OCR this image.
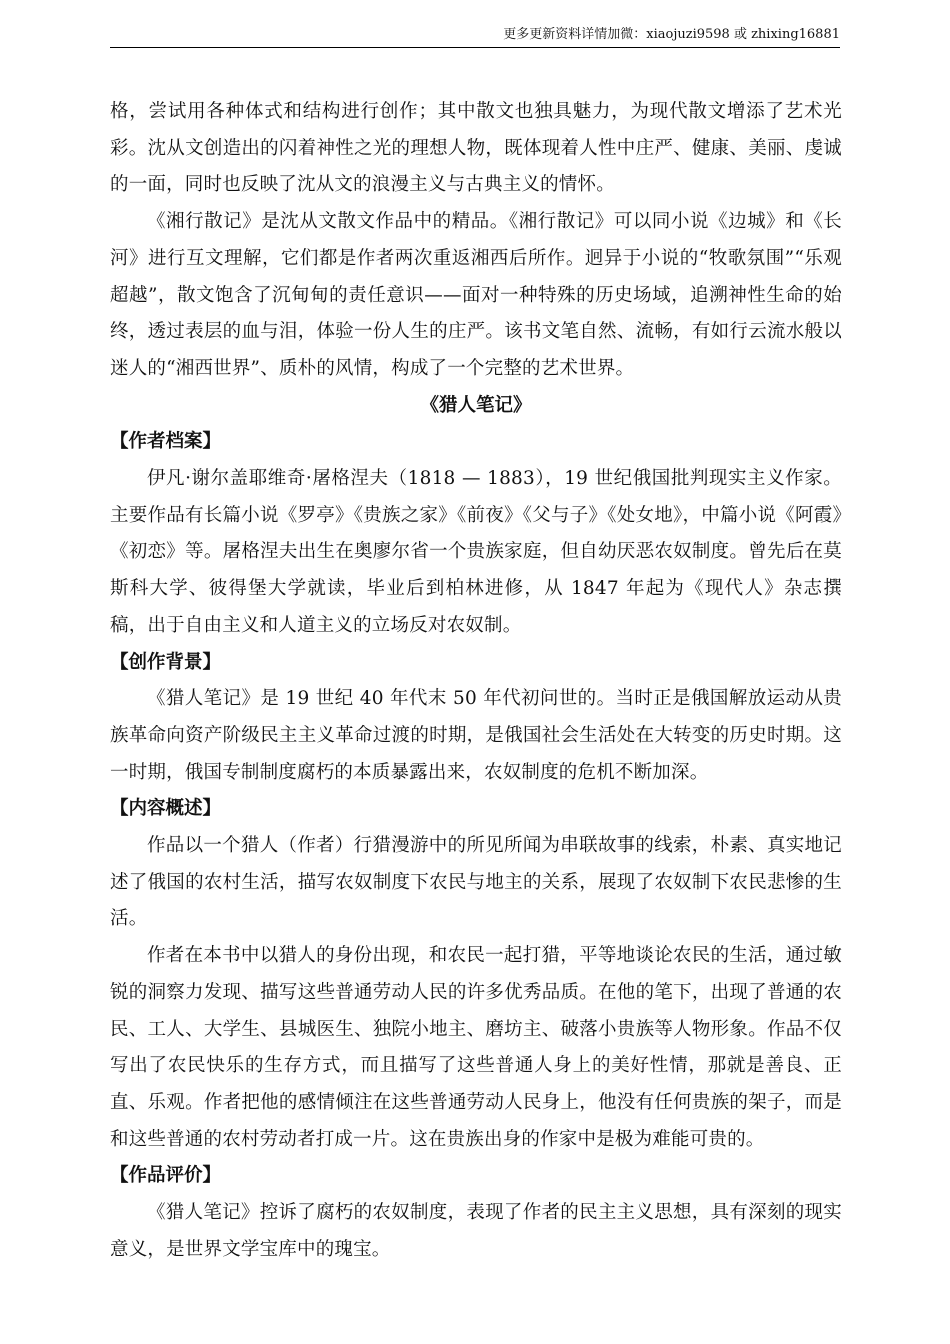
更多更新资料详情加微：xiaojuzi9598 或 zhixing16881

格，尝试用各种体式和结构进行创作；其中散文也独具魅力，为现代散文增添了艺术光彩。沈从文创造出的闪着神性之光的理想人物，既体现着人性中庄严、健康、美丽、虔诚的一面，同时也反映了沈从文的浪漫主义与古典主义的情怀。

《湘行散记》是沈从文散文作品中的精品。《湘行散记》可以同小说《边城》和《长河》进行互文理解，它们都是作者两次重返湘西后所作。迥异于小说的“牧歌氛围”“乐观超越”，散文饱含了沉甸甸的责任意识——面对一种特殊的历史场域，追溯神性生命的始终，透过表层的血与泪，体验一份人生的庄严。该书文笔自然、流畅，有如行云流水般以迷人的“湘西世界”、质朴的风情，构成了一个完整的艺术世界。

《猎人笔记》

【作者档案】

伊凡·谢尔盖耶维奇·屠格涅夫（1818 — 1883），19 世纪俄国批判现实主义作家。主要作品有长篇小说《罗亭》《贵族之家》《前夜》《父与子》《处女地》，中篇小说《阿霞》《初恋》等。屠格涅夫出生在奥廖尔省一个贵族家庭，但自幼厌恶农奴制度。曾先后在莫斯科大学、彼得堡大学就读，毕业后到柏林进修，从 1847 年起为《现代人》杂志撰稿，出于自由主义和人道主义的立场反对农奴制。

【创作背景】

《猎人笔记》是 19 世纪 40 年代末 50 年代初问世的。当时正是俄国解放运动从贵族革命向资产阶级民主主义革命过渡的时期，是俄国社会生活处在大转变的历史时期。这一时期，俄国专制制度腐朽的本质暴露出来，农奴制度的危机不断加深。

【内容概述】

作品以一个猎人（作者）行猎漫游中的所见所闻为串联故事的线索，朴素、真实地记述了俄国的农村生活，描写农奴制度下农民与地主的关系，展现了农奴制下农民悲惨的生活。

作者在本书中以猎人的身份出现，和农民一起打猎，平等地谈论农民的生活，通过敏锐的洞察力发现、描写这些普通劳动人民的许多优秀品质。在他的笔下，出现了普通的农民、工人、大学生、县城医生、独院小地主、磨坊主、破落小贵族等人物形象。作品不仅写出了农民快乐的生存方式，而且描写了这些普通人身上的美好性情，那就是善良、正直、乐观。作者把他的感情倾注在这些普通劳动人民身上，他没有任何贵族的架子，而是和这些普通的农村劳动者打成一片。这在贵族出身的作家中是极为难能可贵的。

【作品评价】

《猎人笔记》控诉了腐朽的农奴制度，表现了作者的民主主义思想，具有深刻的现实意义，是世界文学宝库中的瑰宝。
